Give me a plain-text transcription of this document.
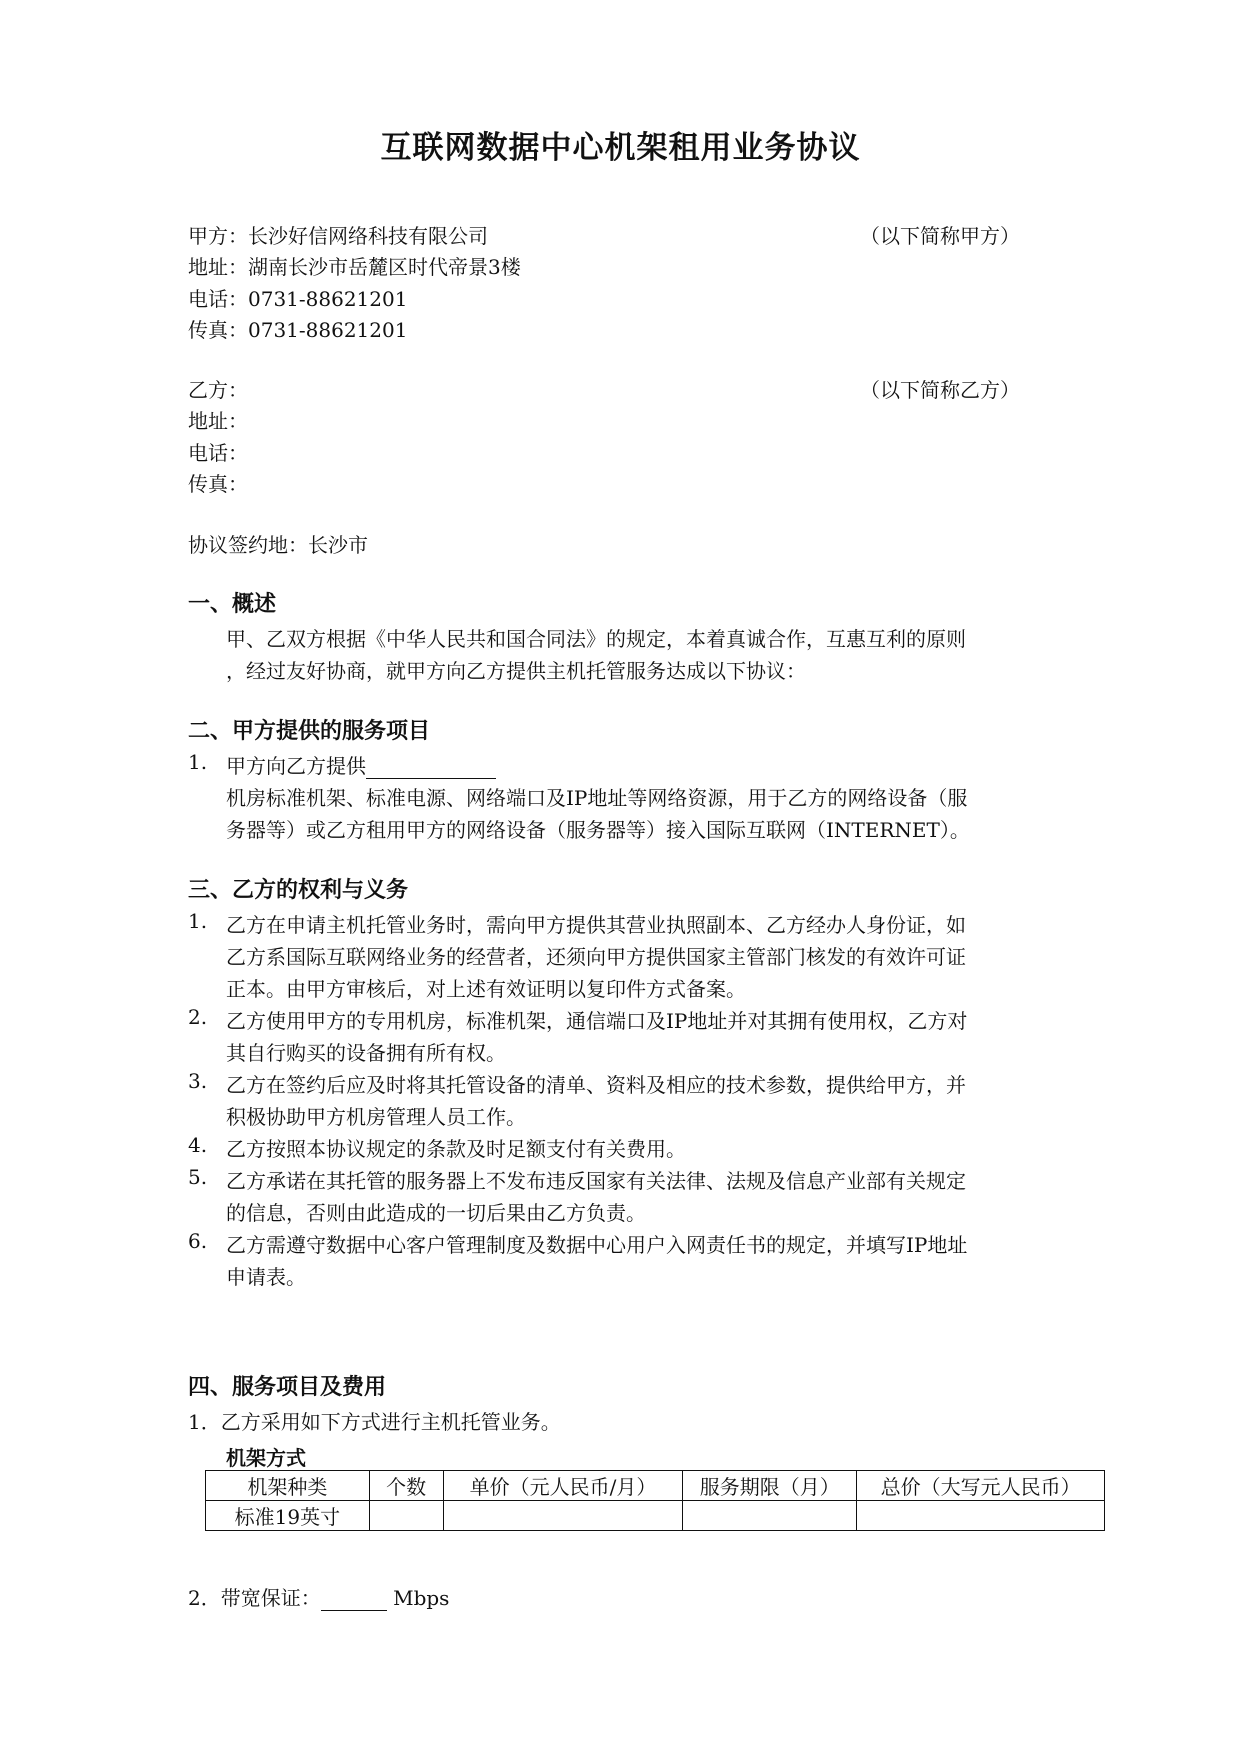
互联网数据中心机架租用业务协议
甲方：长沙好信网络科技有限公司	（以下简称甲方）
地址：湖南长沙市岳麓区时代帝景3楼
电话：0731-88621201
传真：0731-88621201
乙方：	（以下简称乙方）
地址：
电话：
传真：
协议签约地：长沙市
一、概述
甲、乙双方根据《中华人民共和国合同法》的规定，本着真诚合作，互惠互利的原则
，经过友好协商，就甲方向乙方提供主机托管服务达成以下协议：
二、甲方提供的服务项目
1. 甲方向乙方提供
机房标准机架、标准电源、网络端口及IP地址等网络资源，用于乙方的网络设备（服
务器等）或乙方租用甲方的网络设备（服务器等）接入国际互联网（INTERNET）。
三、乙方的权利与义务
1. 乙方在申请主机托管业务时，需向甲方提供其营业执照副本、乙方经办人身份证，如
乙方系国际互联网络业务的经营者，还须向甲方提供国家主管部门核发的有效许可证
正本。由甲方审核后，对上述有效证明以复印件方式备案。
2. 乙方使用甲方的专用机房，标准机架，通信端口及IP地址并对其拥有使用权，乙方对
其自行购买的设备拥有所有权。
3. 乙方在签约后应及时将其托管设备的清单、资料及相应的技术参数，提供给甲方，并
积极协助甲方机房管理人员工作。
4. 乙方按照本协议规定的条款及时足额支付有关费用。
5. 乙方承诺在其托管的服务器上不发布违反国家有关法律、法规及信息产业部有关规定
的信息，否则由此造成的一切后果由乙方负责。
6. 乙方需遵守数据中心客户管理制度及数据中心用户入网责任书的规定，并填写IP地址
申请表。
四、服务项目及费用
1．乙方采用如下方式进行主机托管业务。
机架方式
机架种类	个数	单价（元人民币/月）	服务期限（月）	总价（大写元人民币）
标准19英寸				
2．带宽保证：	Mbps
